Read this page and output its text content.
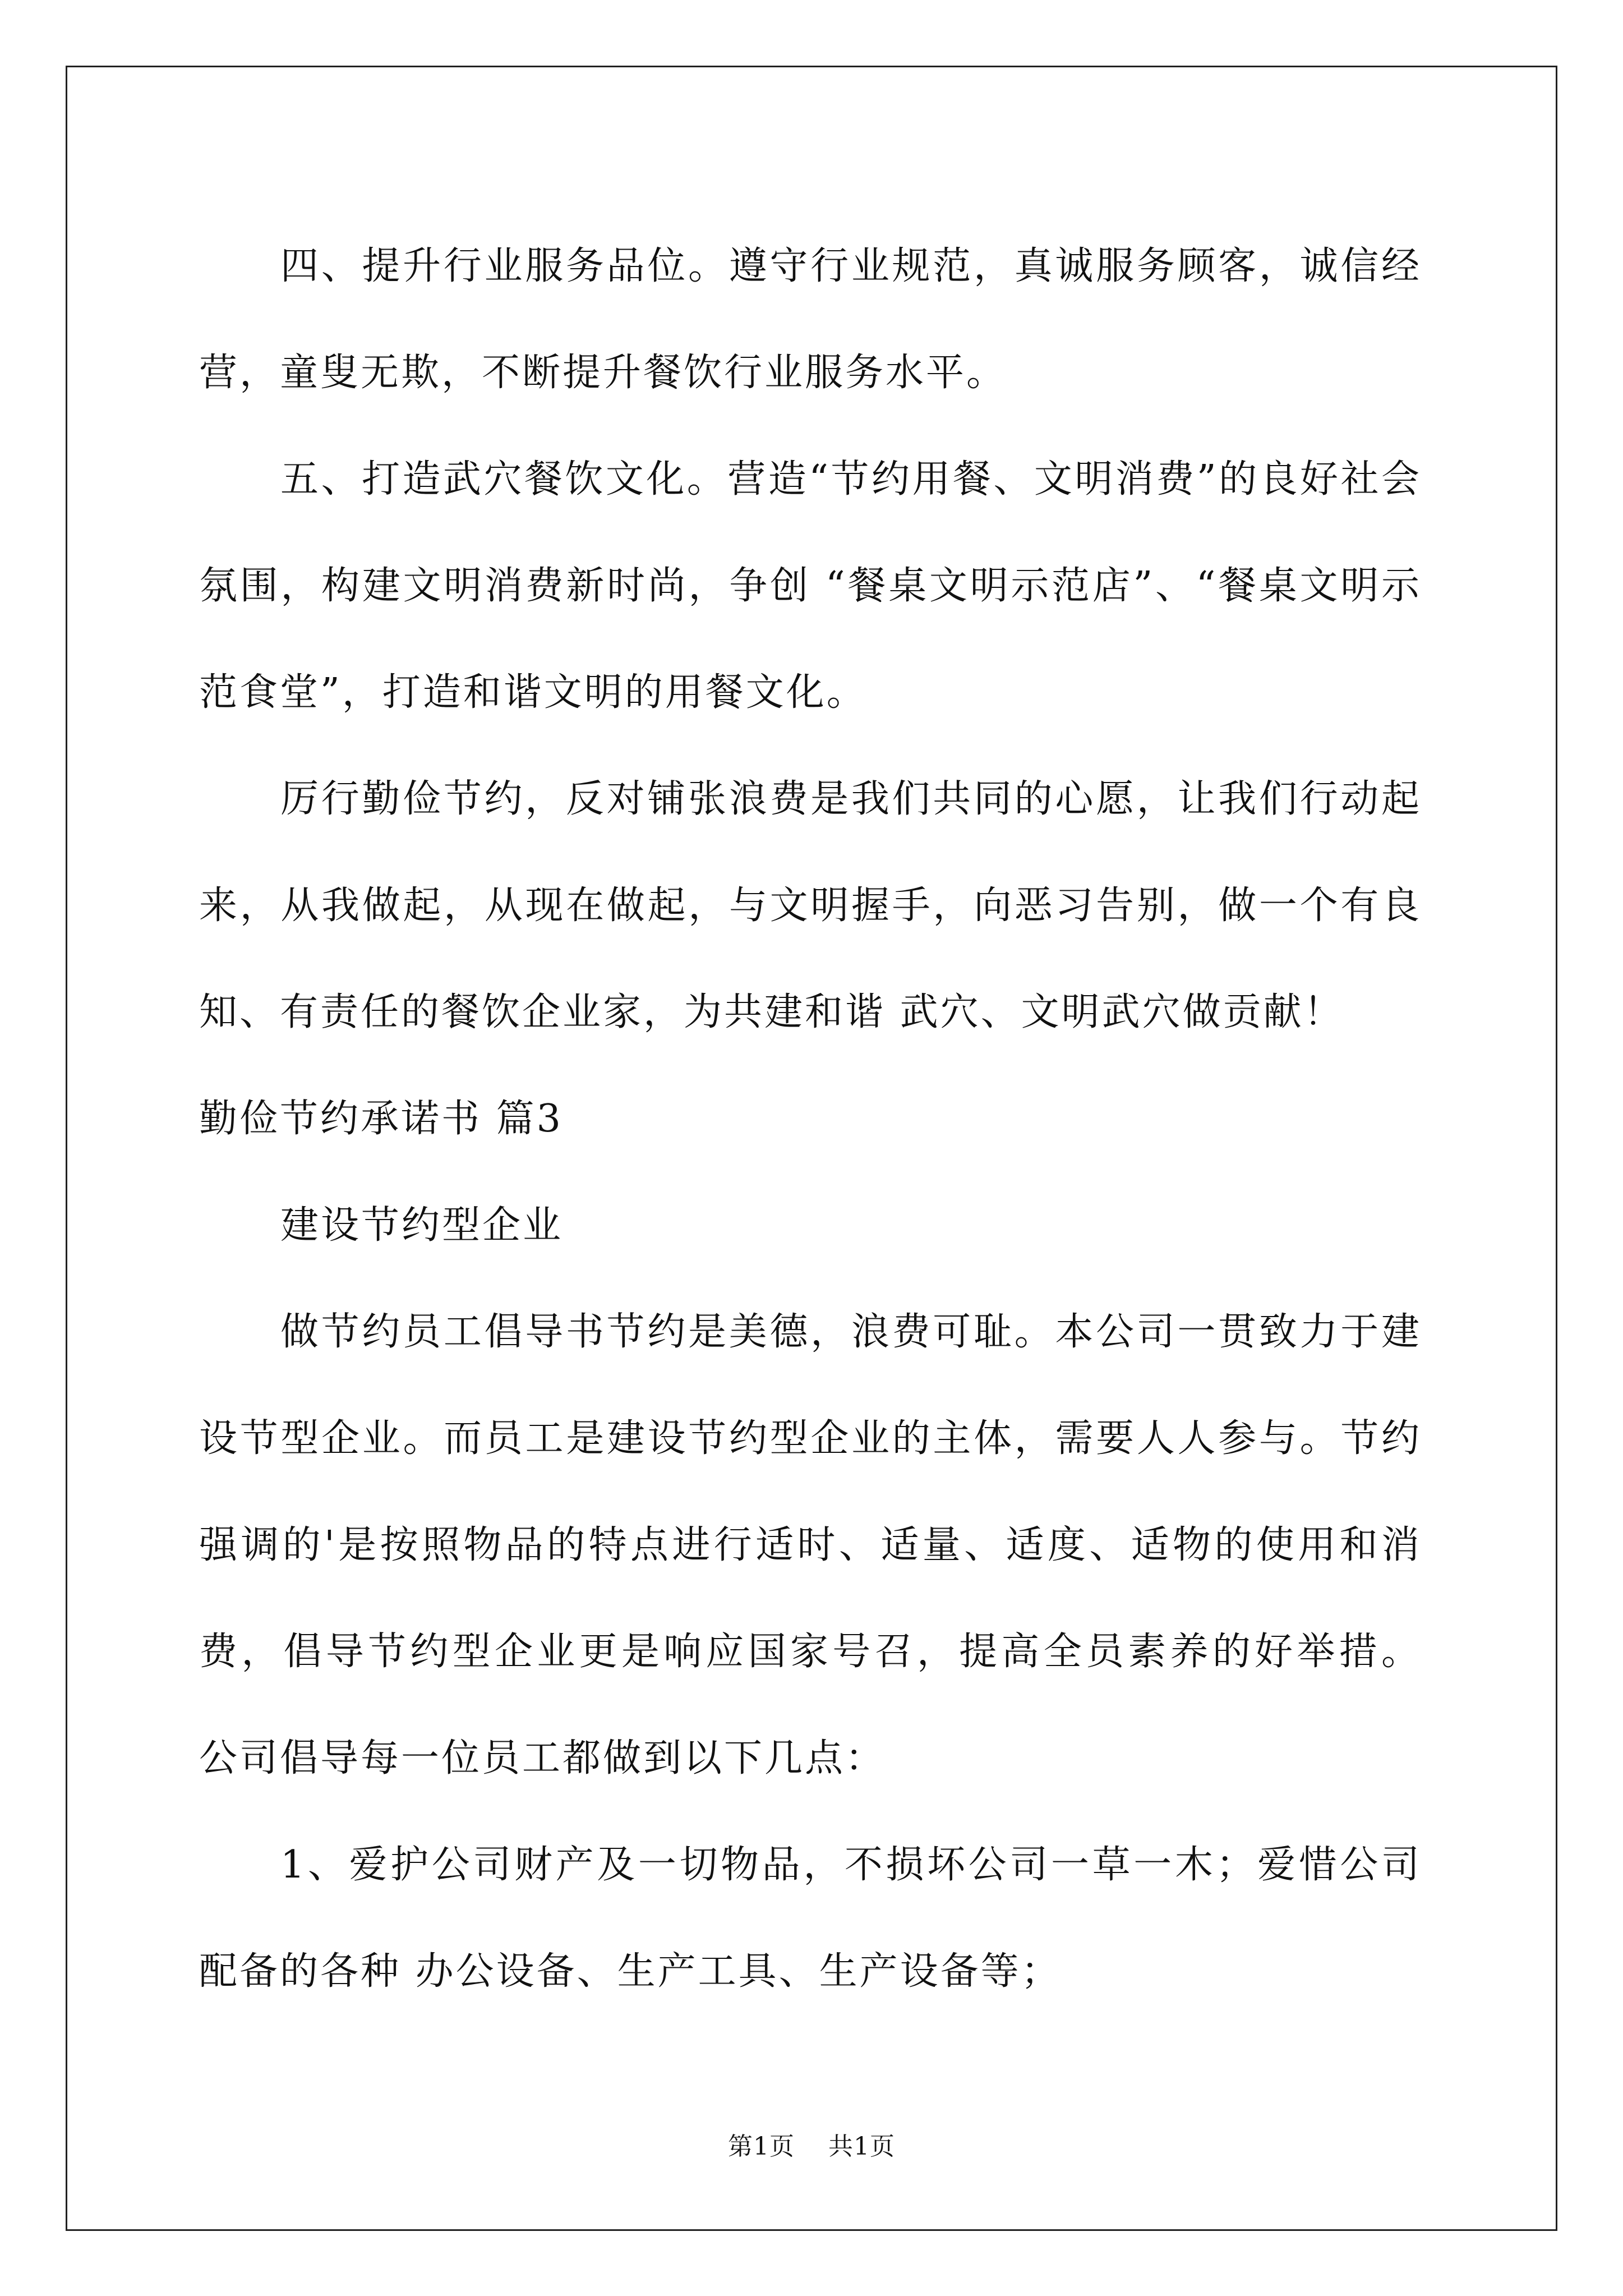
四、提升行业服务品位。遵守行业规范，真诚服务顾客，诚信经营，童叟无欺，不断提升餐饮行业服务水平。

五、打造武穴餐饮文化。营造“节约用餐、文明消费”的良好社会氛围，构建文明消费新时尚，争创 “餐桌文明示范店”、“餐桌文明示范食堂”，打造和谐文明的用餐文化。

厉行勤俭节约，反对铺张浪费是我们共同的心愿，让我们行动起来，从我做起，从现在做起，与文明握手，向恶习告别，做一个有良知、有责任的餐饮企业家，为共建和谐 武穴、文明武穴做贡献！

勤俭节约承诺书 篇3

建设节约型企业

做节约员工倡导书节约是美德，浪费可耻。本公司一贯致力于建设节型企业。而员工是建设节约型企业的主体，需要人人参与。节约强调的'是按照物品的特点进行适时、适量、适度、适物的使用和消费，倡导节约型企业更是响应国家号召，提高全员素养的好举措。 公司倡导每一位员工都做到以下几点：

1、爱护公司财产及一切物品，不损坏公司一草一木；爱惜公司配备的各种 办公设备、生产工具、生产设备等；

第1页 共1页
